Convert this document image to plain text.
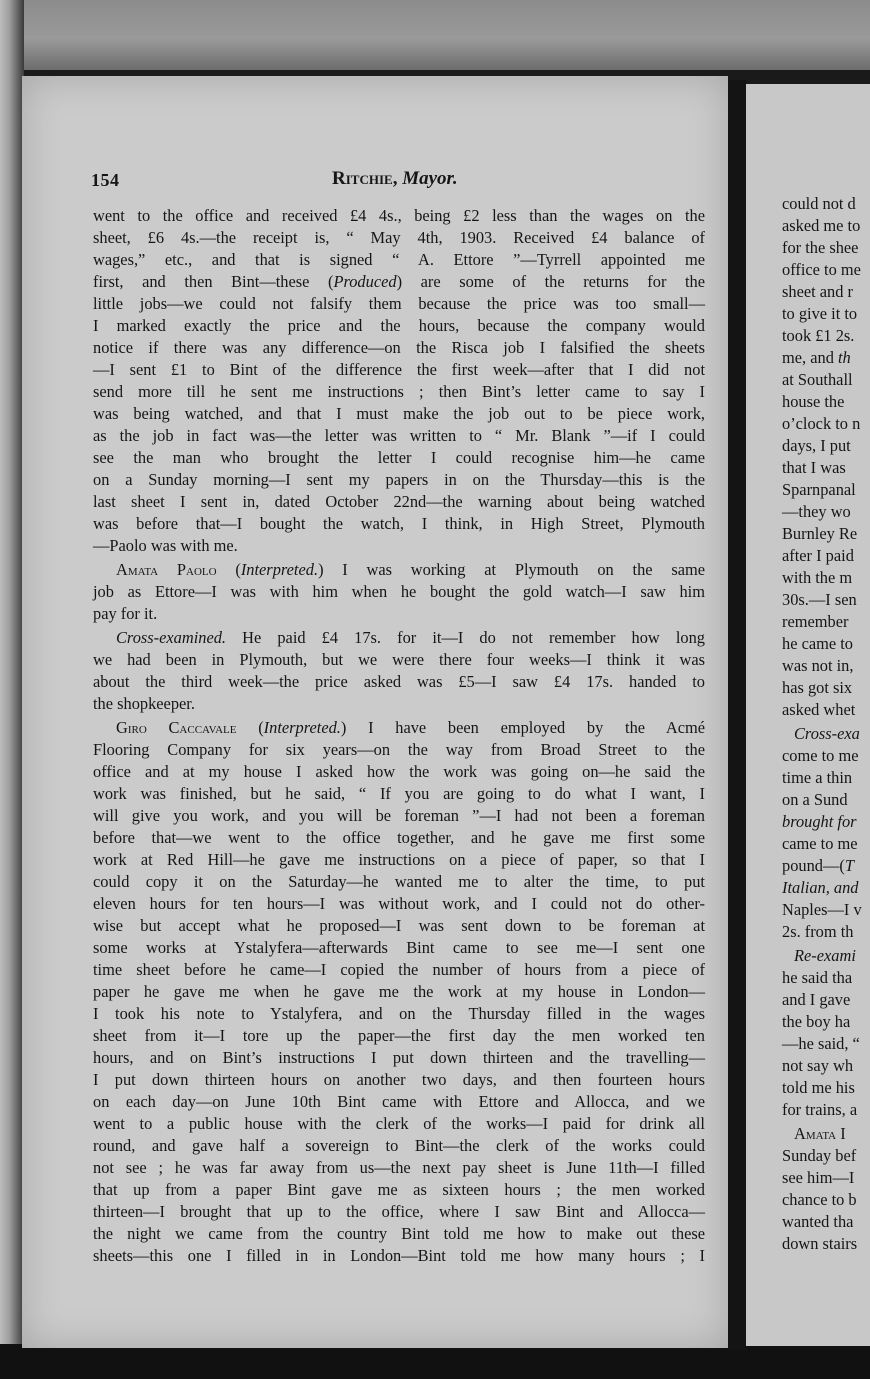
154	Ritchie, Mayor.
went to the office and received £4 4s., being £2 less than the wages on the
sheet, £6 4s.—the receipt is, “ May 4th, 1903. Received £4 balance of
wages,” etc., and that is signed “ A. Ettore ”—Tyrrell appointed me
first, and then Bint—these (Produced) are some of the returns for the
little jobs—we could not falsify them because the price was too small—
I marked exactly the price and the hours, because the company would
notice if there was any difference—on the Risca job I falsified the sheets
—I sent £1 to Bint of the difference the first week—after that I did not
send more till he sent me instructions ; then Bint’s letter came to say I
was being watched, and that I must make the job out to be piece work,
as the job in fact was—the letter was written to “ Mr. Blank ”—if I could
see the man who brought the letter I could recognise him—he came
on a Sunday morning—I sent my papers in on the Thursday—this is the
last sheet I sent in, dated October 22nd—the warning about being watched
was before that—I bought the watch, I think, in High Street, Plymouth
—Paolo was with me.
Amata Paolo (Interpreted.) I was working at Plymouth on the same
job as Ettore—I was with him when he bought the gold watch—I saw him
pay for it.
Cross-examined. He paid £4 17s. for it—I do not remember how long
we had been in Plymouth, but we were there four weeks—I think it was
about the third week—the price asked was £5—I saw £4 17s. handed to
the shopkeeper.
Giro Caccavale (Interpreted.) I have been employed by the Acmé
Flooring Company for six years—on the way from Broad Street to the
office and at my house I asked how the work was going on—he said the
work was finished, but he said, “ If you are going to do what I want, I
will give you work, and you will be foreman ”—I had not been a foreman
before that—we went to the office together, and he gave me first some
work at Red Hill—he gave me instructions on a piece of paper, so that I
could copy it on the Saturday—he wanted me to alter the time, to put
eleven hours for ten hours—I was without work, and I could not do other-
wise but accept what he proposed—I was sent down to be foreman at
some works at Ystalyfera—afterwards Bint came to see me—I sent one
time sheet before he came—I copied the number of hours from a piece of
paper he gave me when he gave me the work at my house in London—
I took his note to Ystalyfera, and on the Thursday filled in the wages
sheet from it—I tore up the paper—the first day the men worked ten
hours, and on Bint’s instructions I put down thirteen and the travelling—
I put down thirteen hours on another two days, and then fourteen hours
on each day—on June 10th Bint came with Ettore and Allocca, and we
went to a public house with the clerk of the works—I paid for drink all
round, and gave half a sovereign to Bint—the clerk of the works could
not see ; he was far away from us—the next pay sheet is June 11th—I filled
that up from a paper Bint gave me as sixteen hours ; the men worked
thirteen—I brought that up to the office, where I saw Bint and Allocca—
the night we came from the country Bint told me how to make out these
sheets—this one I filled in in London—Bint told me how many hours ; I
could not d
asked me to
for the shee
office to me
sheet and r
to give it to
took £1 2s.
me, and th
at Southall
house the
o’clock to n
days, I put
that I was
Sparnpanal
—they wo
Burnley Re
after I paid
with the m
30s.—I sen
remember
he came to
was not in,
has got six
asked whet
Cross-exa
come to me
time a thin
on a Sund
brought for
came to me
pound—(T
Italian, and
Naples—I v
2s. from th
Re-exami
he said tha
and I gave
the boy ha
—he said, “
not say wh
told me his
for trains, a
Amata I
Sunday bef
see him—I
chance to b
wanted tha
down stairs
